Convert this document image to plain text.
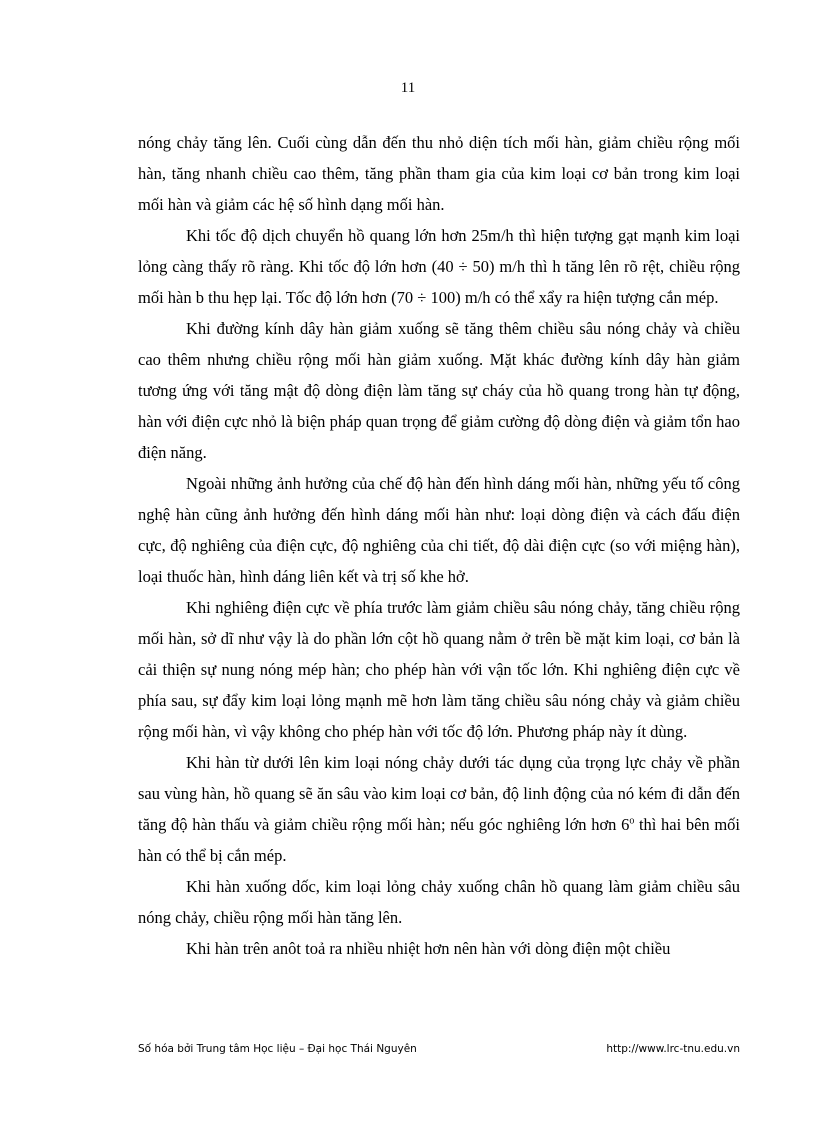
11

nóng chảy tăng lên. Cuối cùng dẫn đến thu nhỏ diện tích mối hàn, giảm chiều rộng mối hàn, tăng nhanh chiều cao thêm, tăng phần tham gia của kim loại cơ bản trong kim loại mối hàn và giảm các hệ số hình dạng mối hàn.

Khi tốc độ dịch chuyển hồ quang lớn hơn 25m/h thì hiện tượng gạt mạnh kim loại lỏng càng thấy rõ ràng. Khi tốc độ lớn hơn (40 ÷ 50) m/h thì h tăng lên rõ rệt, chiều rộng mối hàn b thu hẹp lại. Tốc độ lớn hơn (70 ÷ 100) m/h có thể xẩy ra hiện tượng cắn mép.

Khi đường kính dây hàn giảm xuống sẽ tăng thêm chiều sâu nóng chảy và chiều cao thêm nhưng chiều rộng mối hàn giảm xuống. Mặt khác đường kính dây hàn giảm tương ứng với tăng mật độ dòng điện làm tăng sự cháy của hồ quang trong hàn tự động, hàn với điện cực nhỏ là biện pháp quan trọng để giảm cường độ dòng điện và giảm tổn hao điện năng.

Ngoài những ảnh hưởng của chế độ hàn đến hình dáng mối hàn, những yếu tố công nghệ hàn cũng ảnh hưởng đến hình dáng mối hàn như: loại dòng điện và cách đấu điện cực, độ nghiêng của điện cực, độ nghiêng của chi tiết, độ dài điện cực (so với miệng hàn), loại thuốc hàn, hình dáng liên kết và trị số khe hở.

Khi nghiêng điện cực về phía trước làm giảm chiều sâu nóng chảy, tăng chiều rộng mối hàn, sở dĩ như vậy là do phần lớn cột hồ quang nằm ở trên bề mặt kim loại, cơ bản là cải thiện sự nung nóng mép hàn; cho phép hàn với vận tốc lớn. Khi nghiêng điện cực về phía sau, sự đẩy kim loại lỏng mạnh mẽ hơn làm tăng chiều sâu nóng chảy và giảm chiều rộng mối hàn, vì vậy không cho phép hàn với tốc độ lớn. Phương pháp này ít dùng.

Khi hàn từ dưới lên kim loại nóng chảy dưới tác dụng của trọng lực chảy về phần sau vùng hàn, hồ quang sẽ ăn sâu vào kim loại cơ bản, độ linh động của nó kém đi dẫn đến tăng độ hàn thấu và giảm chiều rộng mối hàn; nếu góc nghiêng lớn hơn 6$^o$ thì hai bên mối hàn có thể bị cắn mép.

Khi hàn xuống dốc, kim loại lỏng chảy xuống chân hồ quang làm giảm chiều sâu nóng chảy, chiều rộng mối hàn tăng lên.

Khi hàn trên anôt toả ra nhiều nhiệt hơn nên hàn với dòng điện một chiều

Số hóa bởi Trung tâm Học liệu – Đại học Thái Nguyên	http://www.lrc-tnu.edu.vn
